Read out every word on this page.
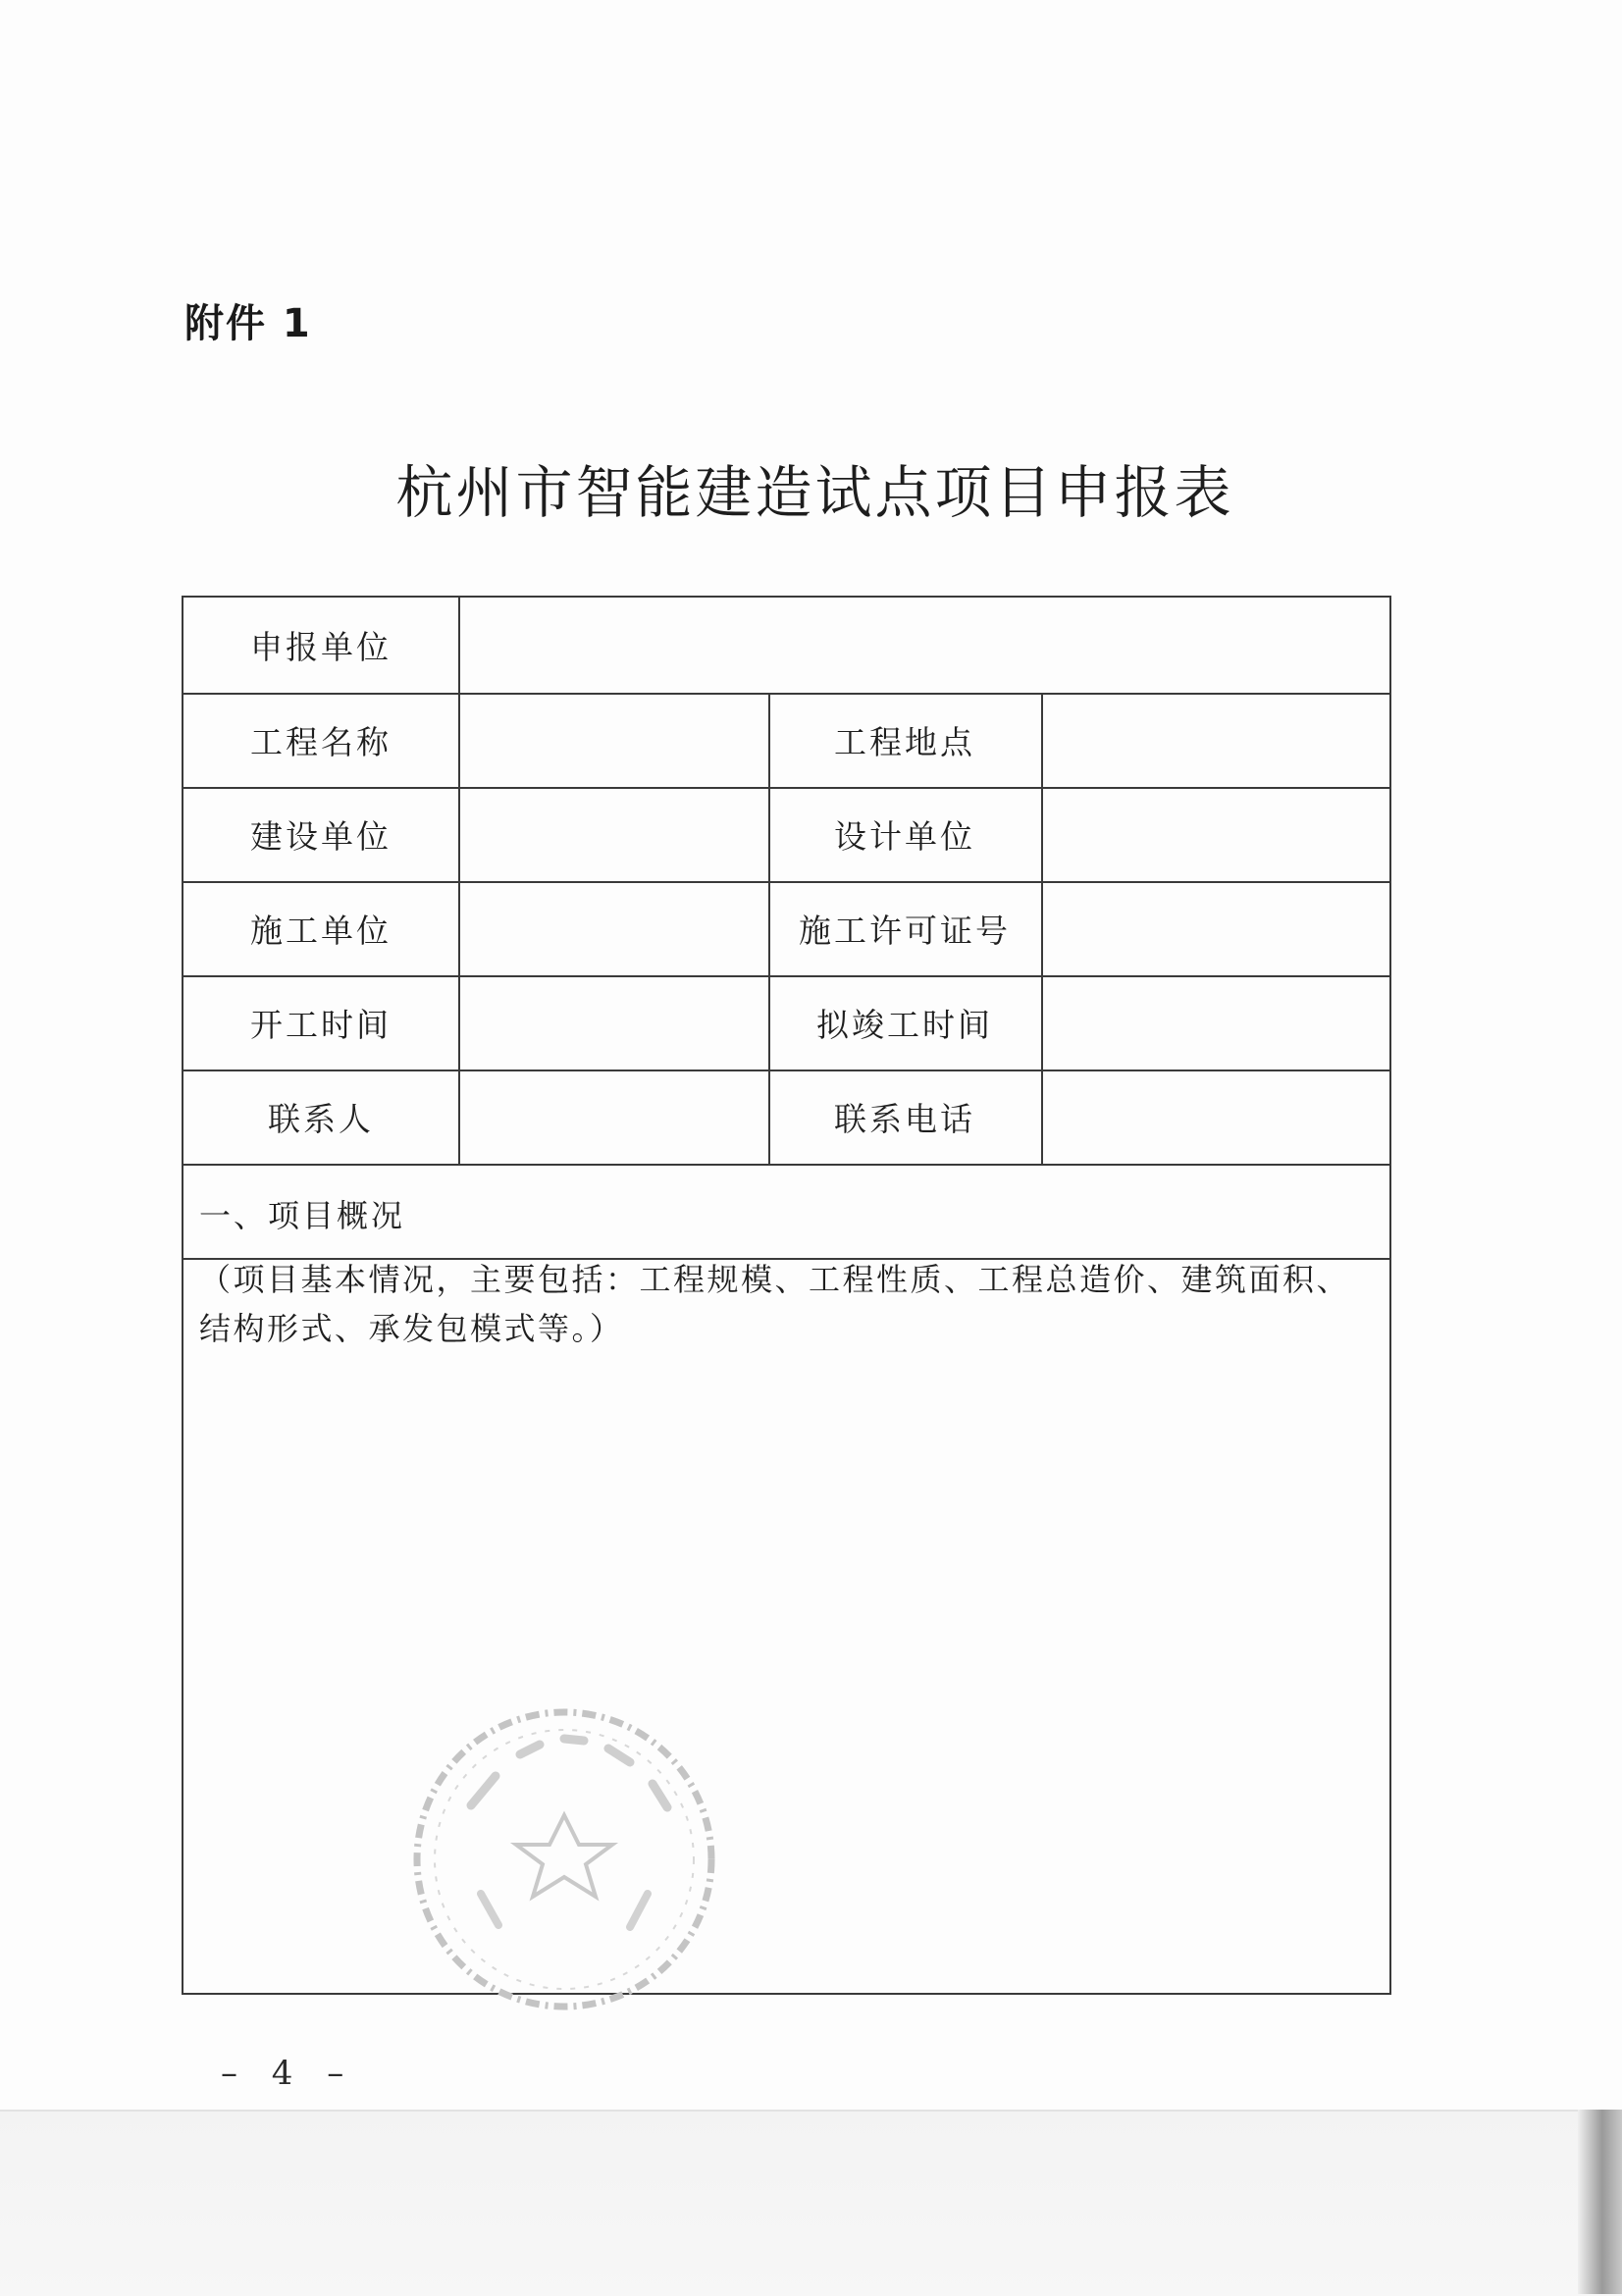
附件 1
杭州市智能建造试点项目申报表
申报单位
工程名称	工程地点
建设单位	设计单位
施工单位	施工许可证号
开工时间	拟竣工时间
联系人	联系电话
一、项目概况
（项目基本情况，主要包括：工程规模、工程性质、工程总造价、建筑面积、结构形式、承发包模式等。）
– 4 –
